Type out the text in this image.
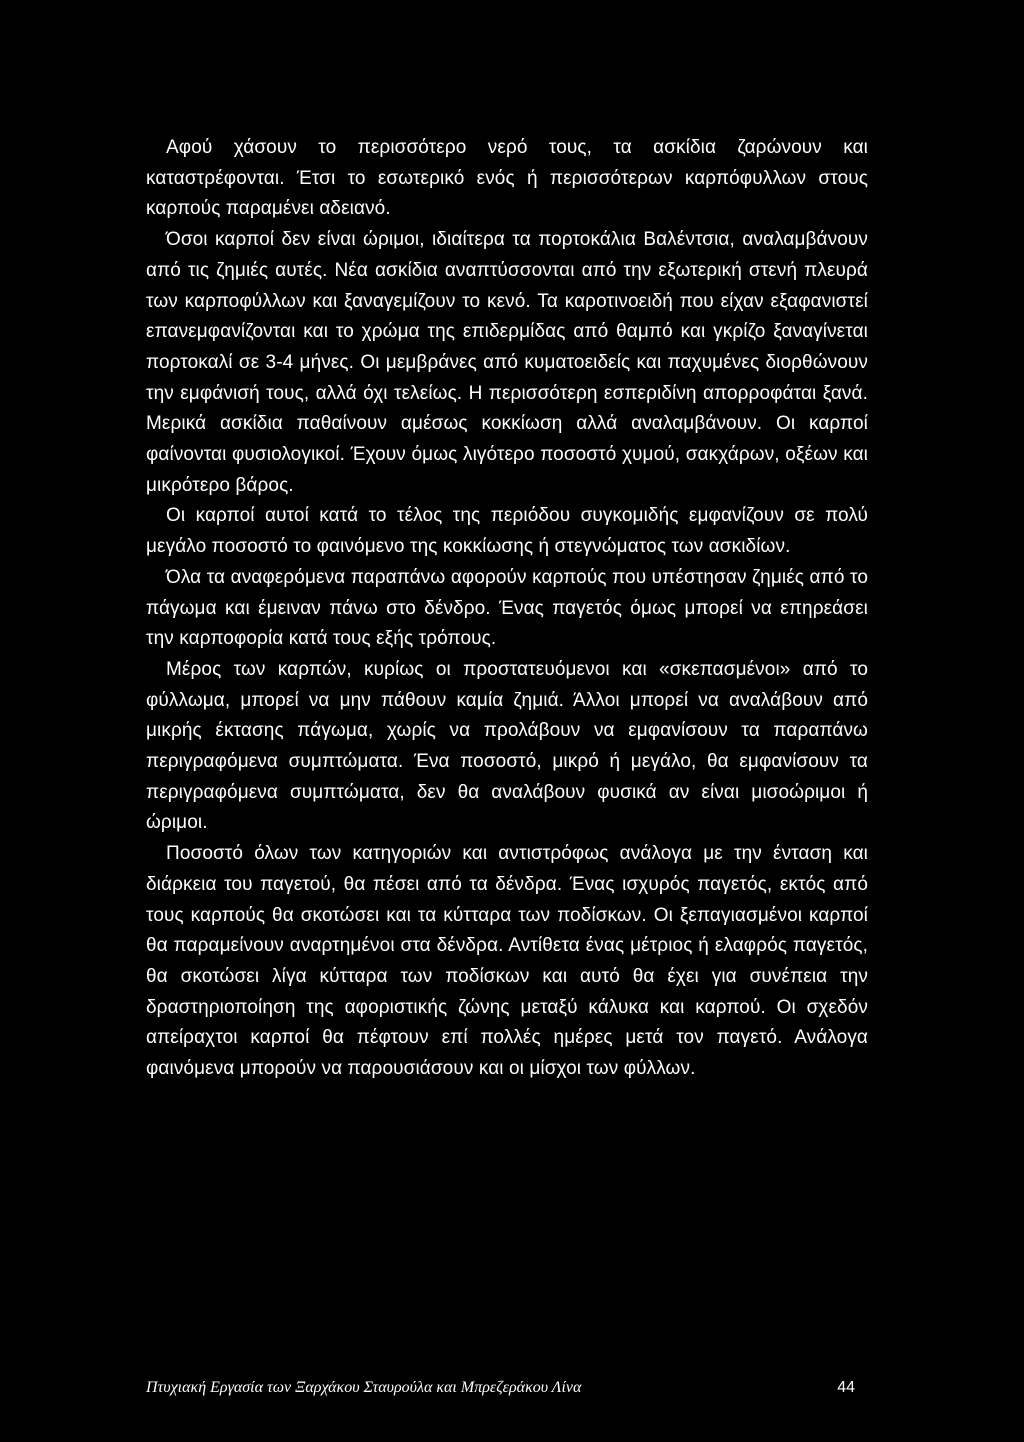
Αφού χάσουν το περισσότερο νερό τους, τα ασκίδια ζαρώνουν και καταστρέφονται. Έτσι το εσωτερικό ενός ή περισσότερων καρπόφυλλων στους καρπούς παραμένει αδειανό.

Όσοι καρποί δεν είναι ώριμοι, ιδιαίτερα τα πορτοκάλια Βαλέντσια, αναλαμβάνουν από τις ζημιές αυτές. Νέα ασκίδια αναπτύσσονται από την εξωτερική στενή πλευρά των καρποφύλλων και ξαναγεμίζουν το κενό. Τα καροτινοειδή που είχαν εξαφανιστεί επανεμφανίζονται και το χρώμα της επιδερμίδας από θαμπό και γκρίζο ξαναγίνεται πορτοκαλί σε 3-4 μήνες. Οι μεμβράνες από κυματοειδείς και παχυμένες διορθώνουν την εμφάνισή τους, αλλά όχι τελείως. Η περισσότερη εσπεριδίνη απορροφάται ξανά. Μερικά ασκίδια παθαίνουν αμέσως κοκκίωση αλλά αναλαμβάνουν. Οι καρποί φαίνονται φυσιολογικοί. Έχουν όμως λιγότερο ποσοστό χυμού, σακχάρων, οξέων και μικρότερο βάρος.

Οι καρποί αυτοί κατά το τέλος της περιόδου συγκομιδής εμφανίζουν σε πολύ μεγάλο ποσοστό το φαινόμενο της κοκκίωσης ή στεγνώματος των ασκιδίων.

Όλα τα αναφερόμενα παραπάνω αφορούν καρπούς που υπέστησαν ζημιές από το πάγωμα και έμειναν πάνω στο δένδρο. Ένας παγετός όμως μπορεί να επηρεάσει την καρποφορία κατά τους εξής τρόπους.

Μέρος των καρπών, κυρίως οι προστατευόμενοι και «σκεπασμένοι» από το φύλλωμα, μπορεί να μην πάθουν καμία ζημιά. Άλλοι μπορεί να αναλάβουν από μικρής έκτασης πάγωμα, χωρίς να προλάβουν να εμφανίσουν τα παραπάνω περιγραφόμενα συμπτώματα. Ένα ποσοστό, μικρό ή μεγάλο, θα εμφανίσουν τα περιγραφόμενα συμπτώματα, δεν θα αναλάβουν φυσικά αν είναι μισοώριμοι ή ώριμοι.

Ποσοστό όλων των κατηγοριών και αντιστρόφως ανάλογα με την ένταση και διάρκεια του παγετού, θα πέσει από τα δένδρα. Ένας ισχυρός παγετός, εκτός από τους καρπούς θα σκοτώσει και τα κύτταρα των ποδίσκων. Οι ξεπαγιασμένοι καρποί θα παραμείνουν αναρτημένοι στα δένδρα. Αντίθετα ένας μέτριος ή ελαφρός παγετός, θα σκοτώσει λίγα κύτταρα των ποδίσκων και αυτό θα έχει για συνέπεια την δραστηριοποίηση της αφοριστικής ζώνης μεταξύ κάλυκα και καρπού. Οι σχεδόν απείραχτοι καρποί θα πέφτουν επί πολλές ημέρες μετά τον παγετό. Ανάλογα φαινόμενα μπορούν να παρουσιάσουν και οι μίσχοι των φύλλων.

Πτυχιακή Εργασία των Ξαρχάκου Σταυρούλα και Μπρεζεράκου Λίνα	44
